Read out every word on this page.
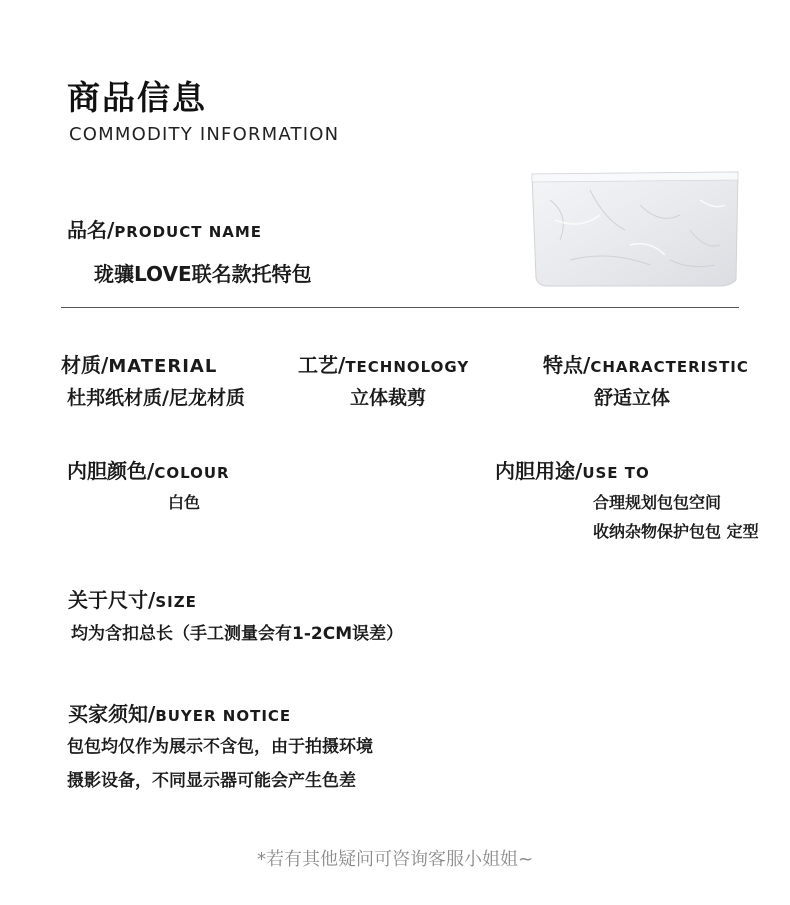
商品信息
COMMODITY INFORMATION
品名/PRODUCT NAME
珑骧LOVE联名款托特包
材质/MATERIAL
杜邦纸材质/尼龙材质
工艺/TECHNOLOGY
立体裁剪
特点/CHARACTERISTIC
舒适立体
内胆颜色/COLOUR
白色
内胆用途/USE TO
合理规划包包空间
收纳杂物保护包包 定型
关于尺寸/SIZE
均为含扣总长（手工测量会有1-2CM误差）
买家须知/BUYER NOTICE
包包均仅作为展示不含包，由于拍摄环境
摄影设备，不同显示器可能会产生色差
*若有其他疑问可咨询客服小姐姐~
